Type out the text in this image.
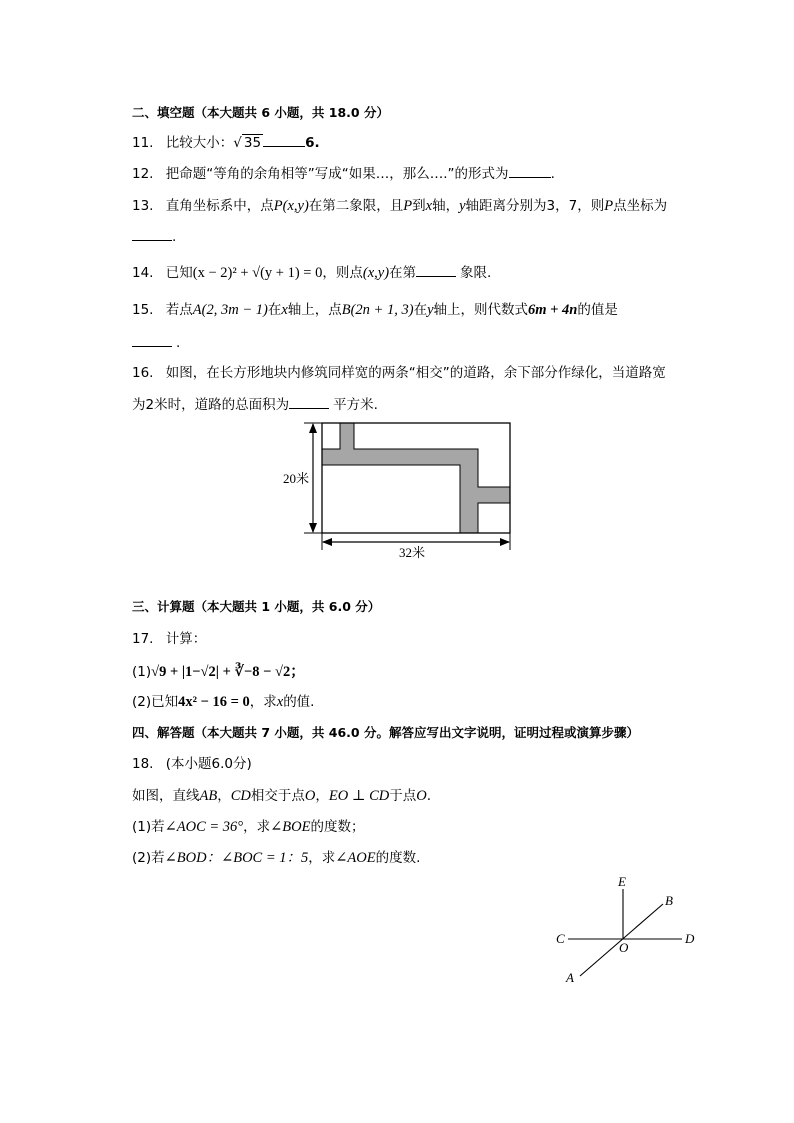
二、填空题（本大题共 6 小题，共 18.0 分）
11. 比较大小：√ 35	6.
12. 把命题“等角的余角相等”写成“如果…，那么….”的形式为	.
13. 直角坐标系中，点P(x,y)在第二象限，且P到x轴，y轴距离分别为3，7，则P点坐标为
.
14. 已知(x − 2)² + √(y + 1) = 0，则点(x,y)在第	象限.
15. 若点A(2, 3m − 1)在x轴上，点B(2n + 1, 3)在y轴上，则代数式6m + 4n的值是
.
16. 如图，在长方形地块内修筑同样宽的两条“相交”的道路，余下部分作绿化，当道路宽
为2米时，道路的总面积为	平方米.
20米
32米
三、计算题（本大题共 1 小题，共 6.0 分）
17. 计算：
(1)√9 + |1−√2| + ∛−8 − √2；
(2)已知4x² − 16 = 0，求x的值.
四、解答题（本大题共 7 小题，共 46.0 分。解答应写出文字说明，证明过程或演算步骤）
18. (本小题6.0分)
如图，直线AB，CD相交于点O，EO ⊥ CD于点O.
(1)若∠AOC = 36°，求∠BOE的度数；
(2)若∠BOD：∠BOC = 1：5，求∠AOE的度数.
E
B
C
O
D
A
